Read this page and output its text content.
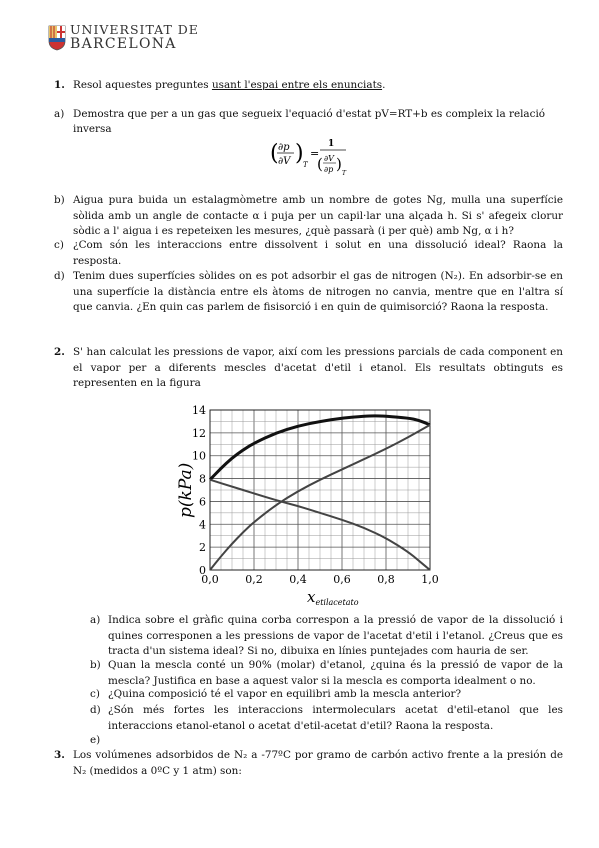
UNIVERSITAT DE
BARCELONA
1. Resol aquestes preguntes usant l'espai entre els enunciats.
a) Demostra que per a un gas que segueix l'equació d'estat pV=RT+b es compleix la relació
inversa
( ∂p
∂V ) T
=
1
( ∂V
∂p )
T
b) Aigua pura buida un estalagmòmetre amb un nombre de gotes Ng, mulla una superfície sòlida amb un angle de contacte α i puja per un capil·lar una alçada h. Si s' afegeix clorur sòdic a l' aigua i es repeteixen les mesures, ¿què passarà (i per què) amb Ng, α i h?
c) ¿Com són les interaccions entre dissolvent i solut en una dissolució ideal? Raona la resposta.
d) Tenim dues superfícies sòlides on es pot adsorbir el gas de nitrogen (N₂). En adsorbir-se en una superfície la distància entre els àtoms de nitrogen no canvia, mentre que en l'altra sí que canvia. ¿En quin cas parlem de fisisorció i en quin de quimisorció? Raona la resposta.
2. S' han calculat les pressions de vapor, així com les pressions parcials de cada component en el vapor per a diferents mescles d'acetat d'etil i etanol. Els resultats obtinguts es representen en la figura
0,0 0,2 0,4 0,6 0,8 1,0
0
2
4
6
8
10
12
14
p(kPa)
$x_{etilacetato}$
a) Indica sobre el gràfic quina corba correspon a la pressió de vapor de la dissolució i quines corresponen a les pressions de vapor de l'acetat d'etil i l'etanol. ¿Creus que es tracta d'un sistema ideal? Si no, dibuixa en línies puntejades com hauria de ser.
b) Quan la mescla conté un 90% (molar) d'etanol, ¿quina és la pressió de vapor de la mescla? Justifica en base a aquest valor si la mescla es comporta idealment o no.
c) ¿Quina composició té el vapor en equilibri amb la mescla anterior?
d) ¿Són més fortes les interaccions intermoleculars acetat d'etil-etanol que les interaccions etanol-etanol o acetat d'etil-acetat d'etil? Raona la resposta.
e)
3. Los volúmenes adsorbidos de N₂ a -77ºC por gramo de carbón activo frente a la presión de N₂ (medidos a 0ºC y 1 atm) son:
